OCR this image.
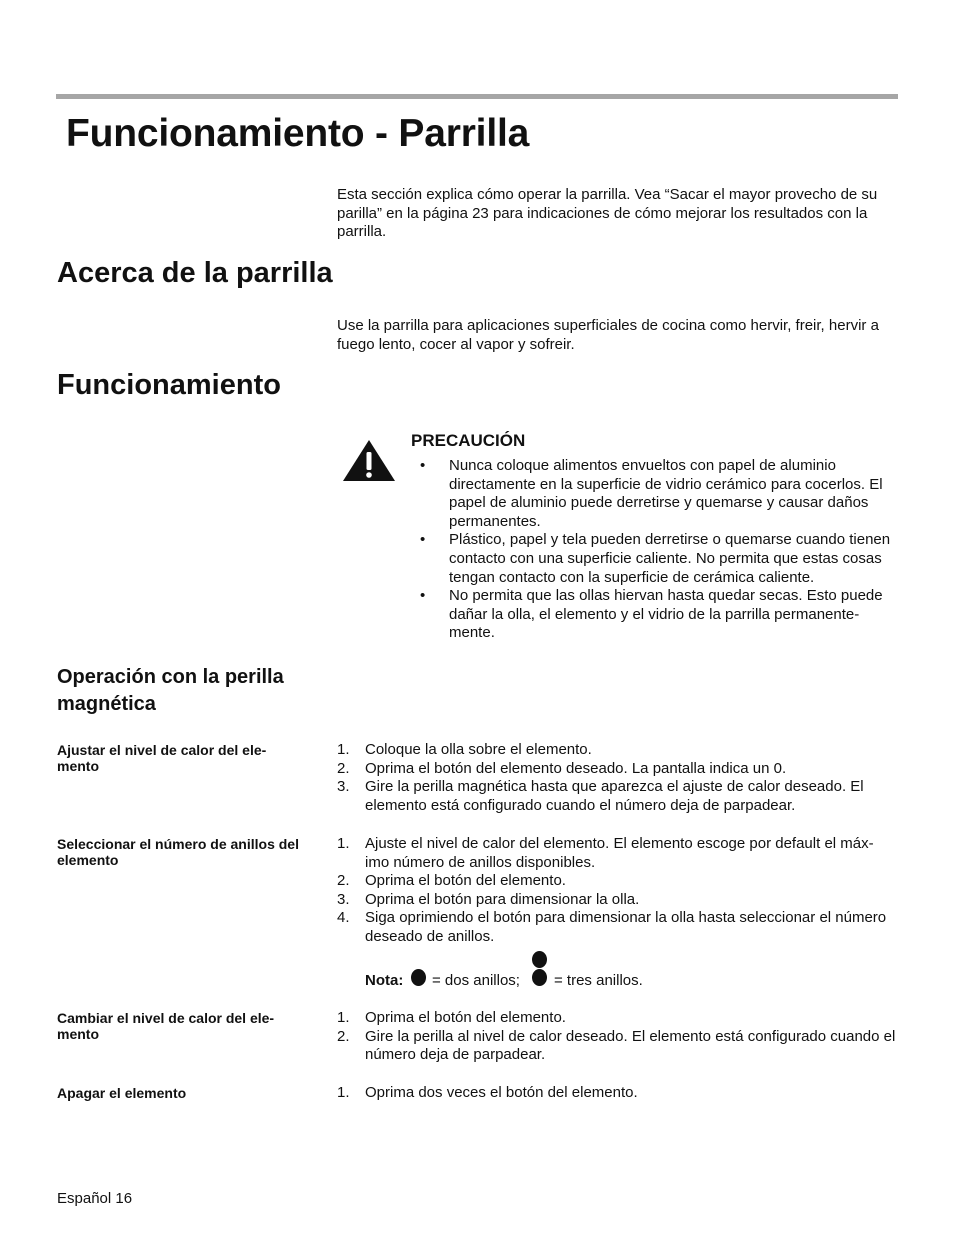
Funcionamiento - Parrilla
Esta sección explica cómo operar la parrilla. Vea “Sacar el mayor provecho de su parilla” en la página 23 para indicaciones de cómo mejorar los resultados con la parrilla.
Acerca de la parrilla
Use la parrilla para aplicaciones superficiales de cocina como hervir, freir, hervir a fuego lento, cocer al vapor y sofreir.
Funcionamiento
PRECAUCIÓN
• Nunca coloque alimentos envueltos con papel de aluminio directamente en la superficie de vidrio cerámico para cocerlos. El papel de aluminio puede derretirse y quemarse y causar daños permanentes.
• Plástico, papel y tela pueden derretirse o quemarse cuando tienen contacto con una superficie caliente. No permita que estas cosas tengan contacto con la superficie de cerámica caliente.
• No permita que las ollas hiervan hasta quedar secas. Esto puede dañar la olla, el elemento y el vidrio de la parrilla permanente-mente.
Operación con la perilla magnética
Ajustar el nivel de calor del ele-mento
1.	Coloque la olla sobre el elemento.
2.	Oprima el botón del elemento deseado. La pantalla indica un 0.
3.	Gire la perilla magnética hasta que aparezca el ajuste de calor deseado. El elemento está configurado cuando el número deja de parpadear.
Seleccionar el número de anillos del elemento
1.	Ajuste el nivel de calor del elemento. El elemento escoge por default el máx-imo número de anillos disponibles.
2.	Oprima el botón del elemento.
3.	Oprima el botón para dimensionar la olla.
4.	Siga oprimiendo el botón para dimensionar la olla hasta seleccionar el número deseado de anillos.
Nota: = dos anillos; = tres anillos.
Cambiar el nivel de calor del ele-mento
1.	Oprima el botón del elemento.
2.	Gire la perilla al nivel de calor deseado. El elemento está configurado cuando el número deja de parpadear.
Apagar el elemento	1.	Oprima dos veces el botón del elemento.
Español 16
